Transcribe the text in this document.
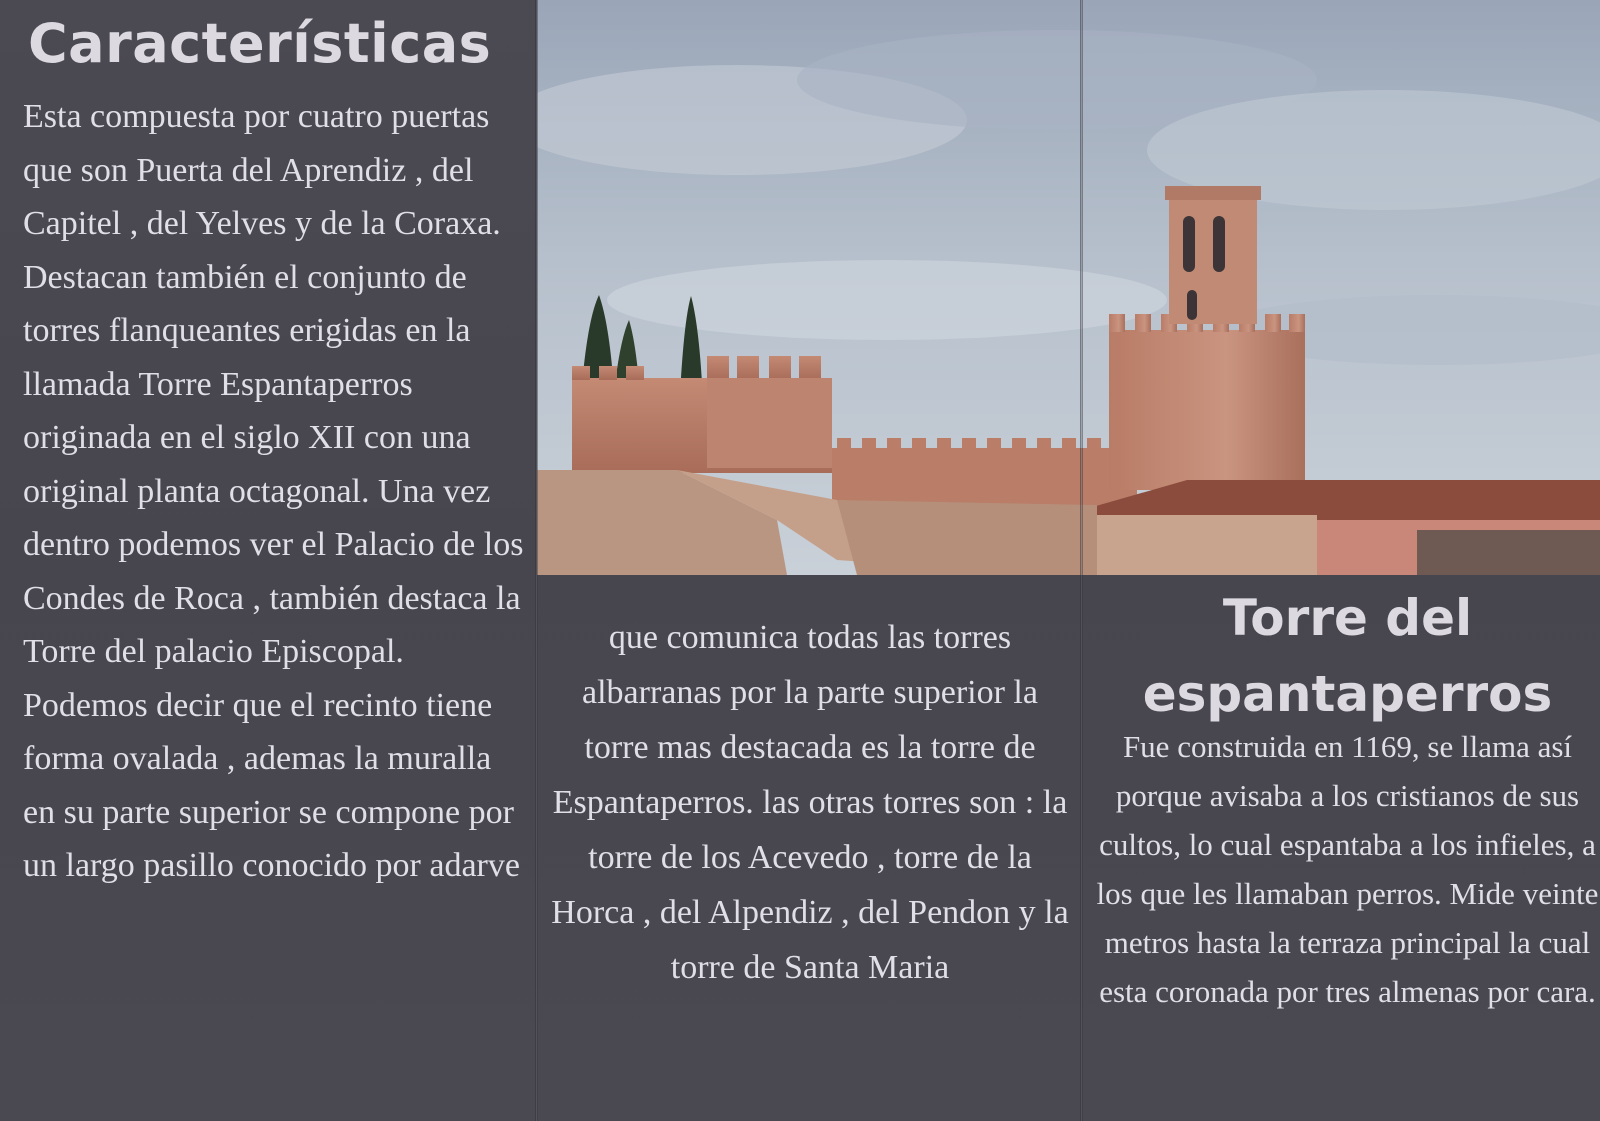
Características

Esta compuesta por cuatro puertas que son Puerta del Aprendiz , del Capitel , del Yelves y de la Coraxa. Destacan también el conjunto de torres flanqueantes erigidas en la llamada Torre Espantaperros originada en el siglo XII con una original planta octagonal. Una vez dentro podemos ver el Palacio de los Condes de Roca , también destaca la Torre del palacio Episcopal. Podemos decir que el recinto tiene forma ovalada , ademas la muralla en su parte superior se compone por un largo pasillo conocido por adarve

que comunica todas las torres albarranas por la parte superior la torre mas destacada es la torre de Espantaperros. las otras torres son : la torre de los Acevedo , torre de la Horca , del Alpendiz , del Pendon y la torre de Santa Maria

Torre del espantaperros

Fue construida en 1169, se llama así porque avisaba a los cristianos de sus cultos, lo cual espantaba a los infieles, a los que les llamaban perros. Mide veinte metros hasta la terraza principal la cual esta coronada por tres almenas por cara.
